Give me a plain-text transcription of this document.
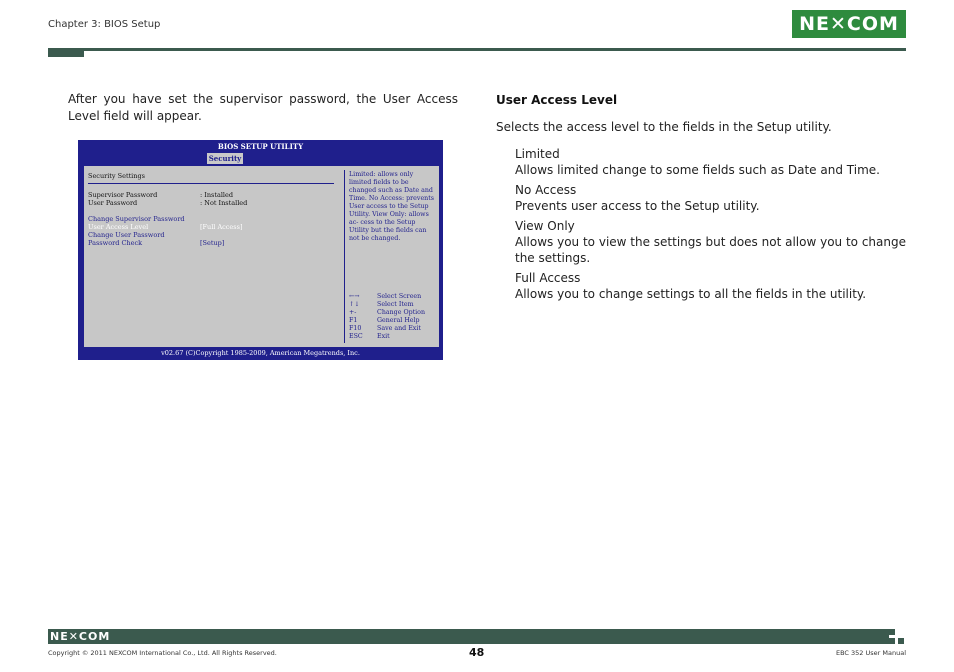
Chapter 3: BIOS Setup	NE✕COM
After you have set the supervisor password, the User Access Level field will appear.
BIOS SETUP UTILITY
Security
Security Settings
Supervisor Password	: Installed
User Password	: Not Installed
Change Supervisor Password
User Access Level	[Full Access]
Change User Password
Password Check	[Setup]
Limited: allows only limited fields to be changed such as Date and Time. No Access: prevents User access to the Setup Utility. View Only: allows ac- cess to the Setup Utility but the fields can not be changed.
←→	Select Screen
↑↓	Select Item
+-	Change Option
F1	General Help
F10 Save and Exit
ESC Exit
v02.67 (C)Copyright 1985-2009, American Megatrends, Inc.
User Access Level
Selects the access level to the fields in the Setup utility.
Limited
Allows limited change to some fields such as Date and Time.
No Access
Prevents user access to the Setup utility.
View Only
Allows you to view the settings but does not allow you to change the settings.
Full Access
Allows you to change settings to all the fields in the utility.
NE✕COM
Copyright © 2011 NEXCOM International Co., Ltd. All Rights Reserved.	48	EBC 352 User Manual
